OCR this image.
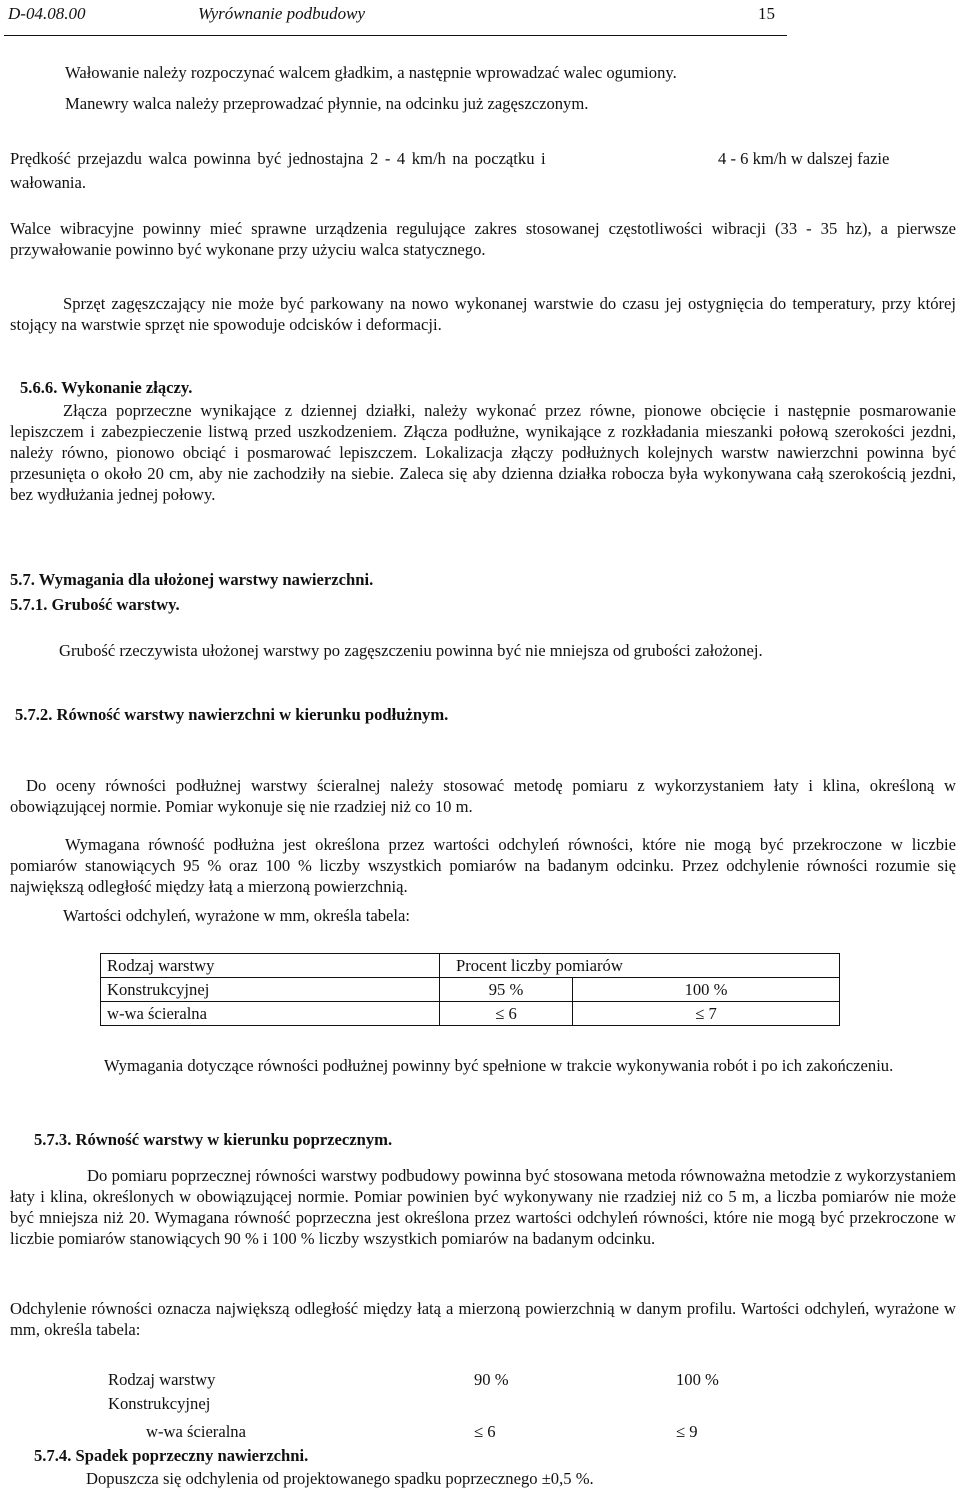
D-04.08.00	Wyrównanie podbudowy	15
Wałowanie należy rozpoczynać walcem gładkim, a następnie wprowadzać walec ogumiony.
Manewry walca należy przeprowadzać płynnie, na odcinku już zagęszczonym.
Prędkość przejazdu walca powinna być jednostajna 2 - 4 km/h na początku i	4 - 6 km/h w dalszej fazie
wałowania.
Walce wibracyjne powinny mieć sprawne urządzenia regulujące zakres stosowanej częstotliwości wibracji (33 - 35 hz), a pierwsze przywałowanie powinno być wykonane przy użyciu walca statycznego.
Sprzęt zagęszczający nie może być parkowany na nowo wykonanej warstwie do czasu jej ostygnięcia do temperatury, przy której stojący na warstwie sprzęt nie spowoduje odcisków i deformacji.
5.6.6. Wykonanie złączy.
Złącza poprzeczne wynikające z dziennej działki, należy wykonać przez równe, pionowe obcięcie i następnie posmarowanie lepiszczem i zabezpieczenie listwą przed uszkodzeniem. Złącza podłużne, wynikające z rozkładania mieszanki połową szerokości jezdni, należy równo, pionowo obciąć i posmarować lepiszczem. Lokalizacja złączy podłużnych kolejnych warstw nawierzchni powinna być przesunięta o około 20 cm, aby nie zachodziły na siebie. Zaleca się aby dzienna działka robocza była wykonywana całą szerokością jezdni, bez wydłużania jednej połowy.
5.7. Wymagania dla ułożonej warstwy nawierzchni.
5.7.1. Grubość warstwy.
Grubość rzeczywista ułożonej warstwy po zagęszczeniu powinna być nie mniejsza od grubości założonej.
5.7.2. Równość warstwy nawierzchni w kierunku podłużnym.
Do oceny równości podłużnej warstwy ścieralnej należy stosować metodę pomiaru z wykorzystaniem łaty i klina, określoną w obowiązującej normie. Pomiar wykonuje się nie rzadziej niż co 10 m.
Wymagana równość podłużna jest określona przez wartości odchyleń równości, które nie mogą być przekroczone w liczbie pomiarów stanowiących 95 % oraz 100 % liczby wszystkich pomiarów na badanym odcinku. Przez odchylenie równości rozumie się największą odległość między łatą a mierzoną powierzchnią.
Wartości odchyleń, wyrażone w mm, określa tabela:
Rodzaj warstwy	Procent liczby pomiarów	
Konstrukcyjnej	95 %	100 %
w-wa ścieralna	≤ 6	≤ 7
Wymagania dotyczące równości podłużnej powinny być spełnione w trakcie wykonywania robót i po ich zakończeniu.
5.7.3. Równość warstwy w kierunku poprzecznym.
Do pomiaru poprzecznej równości warstwy podbudowy powinna być stosowana metoda równoważna metodzie z wykorzystaniem łaty i klina, określonych w obowiązującej normie. Pomiar powinien być wykonywany nie rzadziej niż co 5 m, a liczba pomiarów nie może być mniejsza niż 20. Wymagana równość poprzeczna jest określona przez wartości odchyleń równości, które nie mogą być przekroczone w liczbie pomiarów stanowiących 90 % i 100 % liczby wszystkich pomiarów na badanym odcinku.
Odchylenie równości oznacza największą odległość między łatą a mierzoną powierzchnią w danym profilu. Wartości odchyleń, wyrażone w mm, określa tabela:
Rodzaj warstwy	90 %	100 %
Konstrukcyjnej		
w-wa ścieralna	≤ 6	≤ 9
5.7.4. Spadek poprzeczny nawierzchni.
Dopuszcza się odchylenia od projektowanego spadku poprzecznego ±0,5 %.
